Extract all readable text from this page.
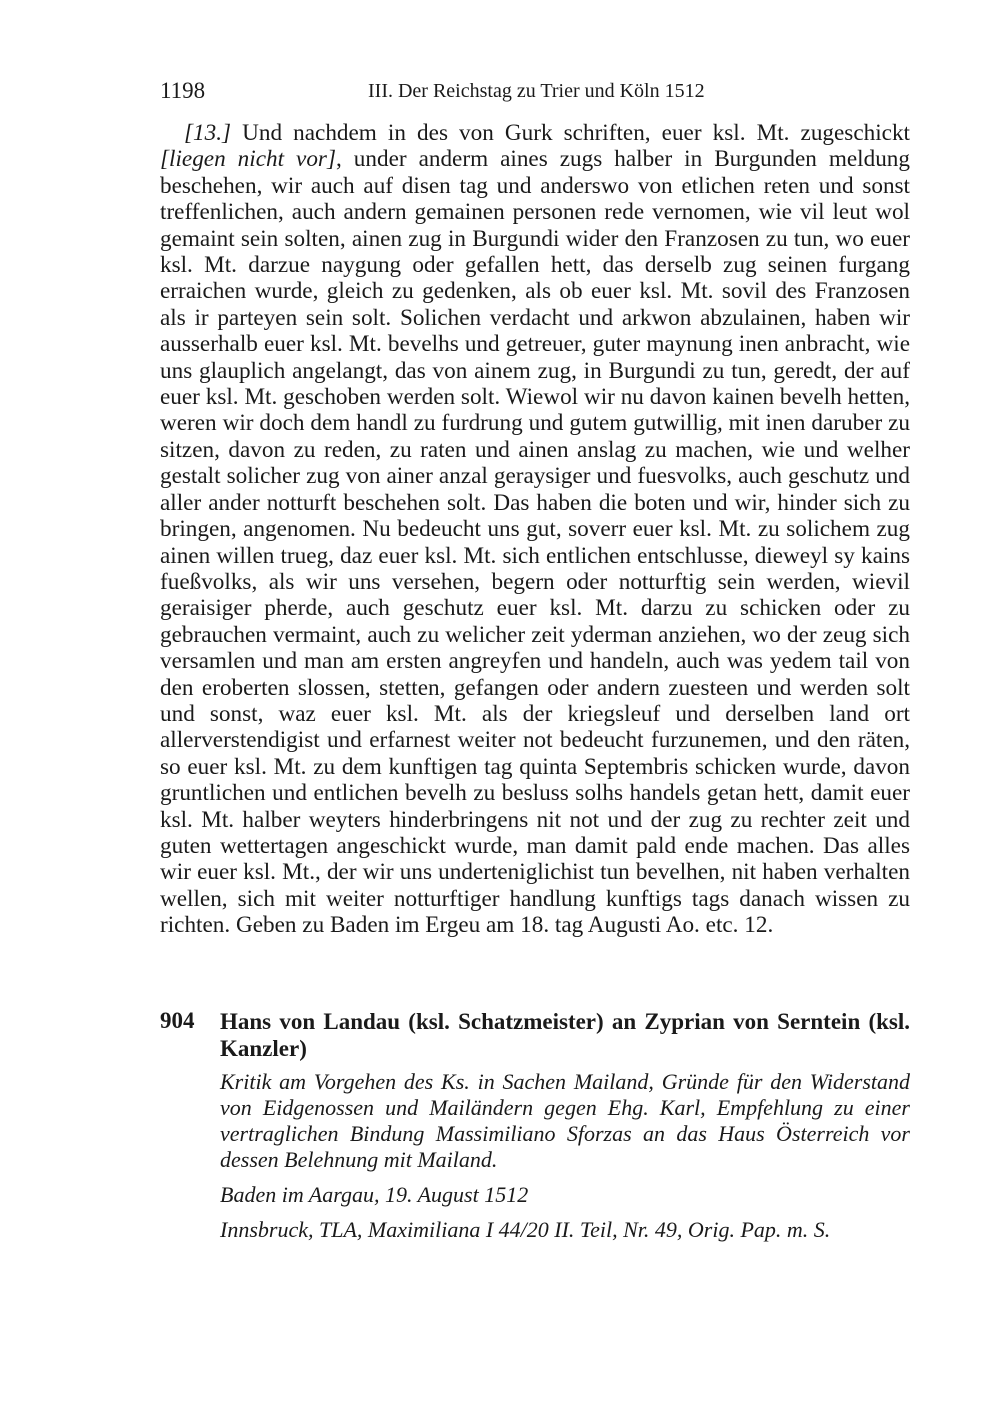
1198	III. Der Reichstag zu Trier und Köln 1512
[13.] Und nachdem in des von Gurk schriften, euer ksl. Mt. zugeschickt [liegen nicht vor], under anderm aines zugs halber in Burgunden meldung beschehen, wir auch auf disen tag und anderswo von etlichen reten und sonst treffenlichen, auch andern gemainen personen rede vernomen, wie vil leut wol gemaint sein solten, ainen zug in Burgundi wider den Franzosen zu tun, wo euer ksl. Mt. darzue naygung oder gefallen hett, das derselb zug seinen furgang erraichen wurde, gleich zu gedenken, als ob euer ksl. Mt. sovil des Franzosen als ir parteyen sein solt. Solichen verdacht und arkwon abzulainen, haben wir ausserhalb euer ksl. Mt. bevelhs und getreuer, guter maynung inen anbracht, wie uns glauplich angelangt, das von ainem zug, in Burgundi zu tun, geredt, der auf euer ksl. Mt. geschoben werden solt. Wiewol wir nu davon kainen bevelh hetten, weren wir doch dem handl zu furdrung und gutem gutwillig, mit inen daruber zu sitzen, davon zu reden, zu raten und ainen anslag zu machen, wie und welher gestalt solicher zug von ainer anzal geraysiger und fuesvolks, auch geschutz und aller ander notturft beschehen solt. Das haben die boten und wir, hinder sich zu bringen, angenomen. Nu bedeucht uns gut, soverr euer ksl. Mt. zu solichem zug ainen willen trueg, daz euer ksl. Mt. sich entlichen entschlusse, dieweyl sy kains fueßvolks, als wir uns versehen, begern oder notturftig sein werden, wievil geraisiger pherde, auch geschutz euer ksl. Mt. darzu zu schicken oder zu gebrauchen vermaint, auch zu welicher zeit yderman anziehen, wo der zeug sich versamlen und man am ersten angreyfen und handeln, auch was yedem tail von den eroberten slossen, stetten, gefangen oder andern zuesteen und werden solt und sonst, waz euer ksl. Mt. als der kriegsleuf und derselben land ort allerverstendigist und erfarnest weiter not bedeucht furzunemen, und den räten, so euer ksl. Mt. zu dem kunftigen tag quinta Septembris schicken wurde, davon gruntlichen und entlichen bevelh zu besluss solhs handels getan hett, damit euer ksl. Mt. halber weyters hinderbringens nit not und der zug zu rechter zeit und guten wettertagen angeschickt wurde, man damit pald ende machen. Das alles wir euer ksl. Mt., der wir uns underteniglichist tun bevelhen, nit haben verhalten wellen, sich mit weiter notturftiger handlung kunftigs tags danach wissen zu richten. Geben zu Baden im Ergeu am 18. tag Augusti Ao. etc. 12.
904 Hans von Landau (ksl. Schatzmeister) an Zyprian von Serntein (ksl. Kanzler)
Kritik am Vorgehen des Ks. in Sachen Mailand, Gründe für den Widerstand von Eidgenossen und Mailändern gegen Ehg. Karl, Empfehlung zu einer vertraglichen Bindung Massimiliano Sforzas an das Haus Österreich vor dessen Belehnung mit Mailand.
Baden im Aargau, 19. August 1512
Innsbruck, TLA, Maximiliana I 44/20 II. Teil, Nr. 49, Orig. Pap. m. S.
